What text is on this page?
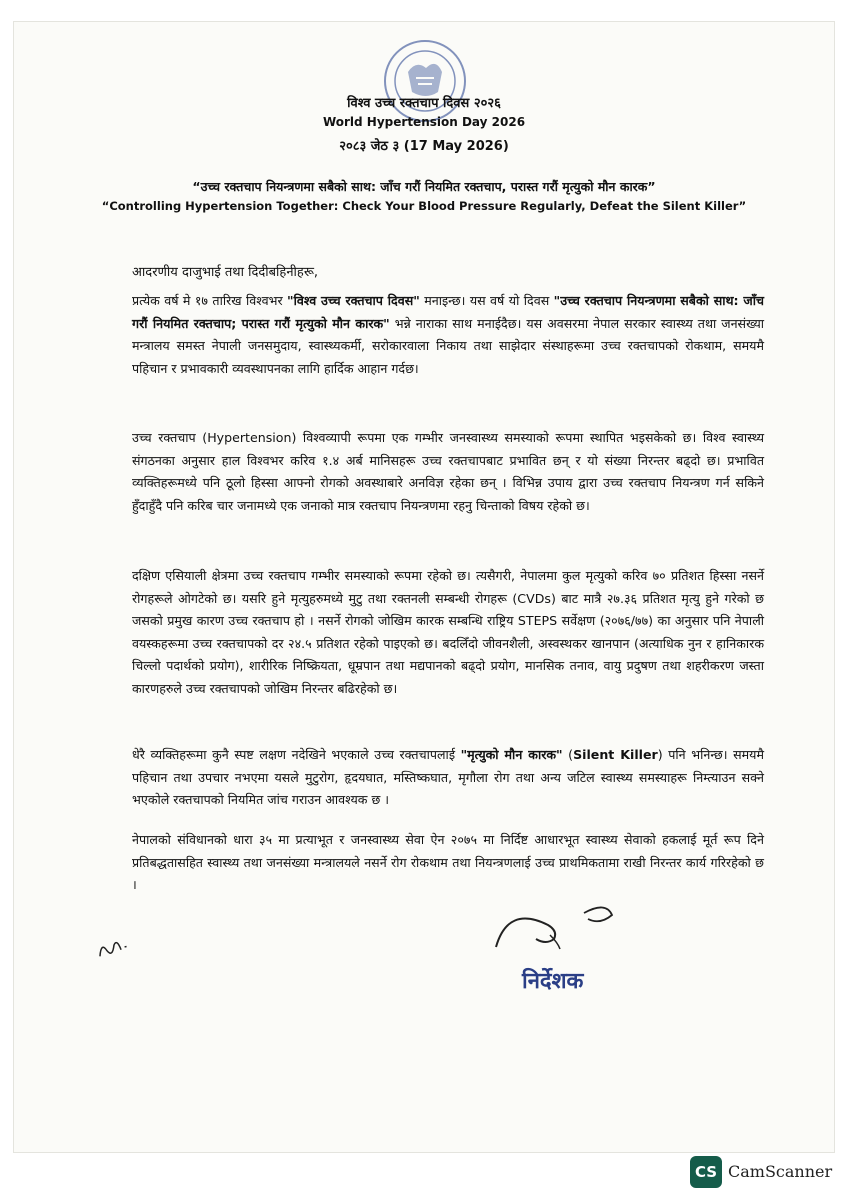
विश्व उच्च रक्तचाप दिवस २०२६
World Hypertension Day 2026
२०८३ जेठ ३ (17 May 2026)
“उच्च रक्तचाप नियन्त्रणमा सबैको साथ: जाँच गरौं नियमित रक्तचाप, परास्त गरौं मृत्युको मौन कारक”
“Controlling Hypertension Together: Check Your Blood Pressure Regularly, Defeat the Silent Killer”
आदरणीय दाजुभाई तथा दिदीबहिनीहरू,

प्रत्येक वर्ष मे १७ तारिख विश्वभर "विश्व उच्च रक्तचाप दिवस" मनाइन्छ। यस वर्ष यो दिवस "उच्च रक्तचाप नियन्त्रणमा सबैको साथ: जाँच गरौं नियमित रक्तचाप; परास्त गरौं मृत्युको मौन कारक" भन्ने नाराका साथ मनाईदैछ। यस अवसरमा नेपाल सरकार स्वास्थ्य तथा जनसंख्या मन्त्रालय समस्त नेपाली जनसमुदाय, स्वास्थ्यकर्मी, सरोकारवाला निकाय तथा साझेदार संस्थाहरूमा उच्च रक्तचापको रोकथाम, समयमै पहिचान र प्रभावकारी व्यवस्थापनका लागि हार्दिक आहान गर्दछ।

उच्च रक्तचाप (Hypertension) विश्वव्यापी रूपमा एक गम्भीर जनस्वास्थ्य समस्याको रूपमा स्थापित भइसकेको छ। विश्व स्वास्थ्य संगठनका अनुसार हाल विश्वभर करिव १.४ अर्ब मानिसहरू उच्च रक्तचापबाट प्रभावित छन् र यो संख्या निरन्तर बढ्दो छ। प्रभावित व्यक्तिहरूमध्ये पनि ठूलो हिस्सा आफ्नो रोगको अवस्थाबारे अनविज्ञ रहेका छन् । विभिन्न उपाय द्वारा उच्च रक्तचाप नियन्त्रण गर्न सकिने हुँदाहुँदै पनि करिब चार जनामध्ये एक जनाको मात्र रक्तचाप नियन्त्रणमा रहनु चिन्ताको विषय रहेको छ।

दक्षिण एसियाली क्षेत्रमा उच्च रक्तचाप गम्भीर समस्याको रूपमा रहेको छ। त्यसैगरी, नेपालमा कुल मृत्युको करिव ७० प्रतिशत हिस्सा नसर्ने रोगहरूले ओगटेको छ। यसरि हुने मृत्युहरुमध्ये मुटु तथा रक्तनली सम्बन्धी रोगहरू (CVDs) बाट मात्रै २७.३६ प्रतिशत मृत्यु हुने गरेको छ जसको प्रमुख कारण उच्च रक्तचाप हो । नसर्ने रोगको जोखिम कारक सम्बन्धि राष्ट्रिय STEPS सर्वेक्षण (२०७६/७७) का अनुसार पनि नेपाली वयस्कहरूमा उच्च रक्तचापको दर २४.५ प्रतिशत रहेको पाइएको छ। बदलिँदो जीवनशैली, अस्वस्थकर खानपान (अत्याधिक नुन र हानिकारक चिल्लो पदार्थको प्रयोग), शारीरिक निष्क्रियता, धूम्रपान तथा मद्यपानको बढ्दो प्रयोग, मानसिक तनाव, वायु प्रदुषण तथा शहरीकरण जस्ता कारणहरुले उच्च रक्तचापको जोखिम निरन्तर बढिरहेको छ।

धेरै व्यक्तिहरूमा कुनै स्पष्ट लक्षण नदेखिने भएकाले उच्च रक्तचापलाई "मृत्युको मौन कारक" (Silent Killer) पनि भनिन्छ। समयमै पहिचान तथा उपचार नभएमा यसले मुटुरोग, हृदयघात, मस्तिष्कघात, मृगौला रोग तथा अन्य जटिल स्वास्थ्य समस्याहरू निम्त्याउन सक्ने भएकोले रक्तचापको नियमित जांच गराउन आवश्यक छ ।

नेपालको संविधानको धारा ३५ मा प्रत्याभूत र जनस्वास्थ्य सेवा ऐन २०७५ मा निर्दिष्ट आधारभूत स्वास्थ्य सेवाको हकलाई मूर्त रूप दिने प्रतिबद्धतासहित स्वास्थ्य तथा जनसंख्या मन्त्रालयले नसर्ने रोग रोकथाम तथा नियन्त्रणलाई उच्च प्राथमिकतामा राखी निरन्तर कार्य गरिरहेको छ ।

निर्देशक
CS CamScanner
